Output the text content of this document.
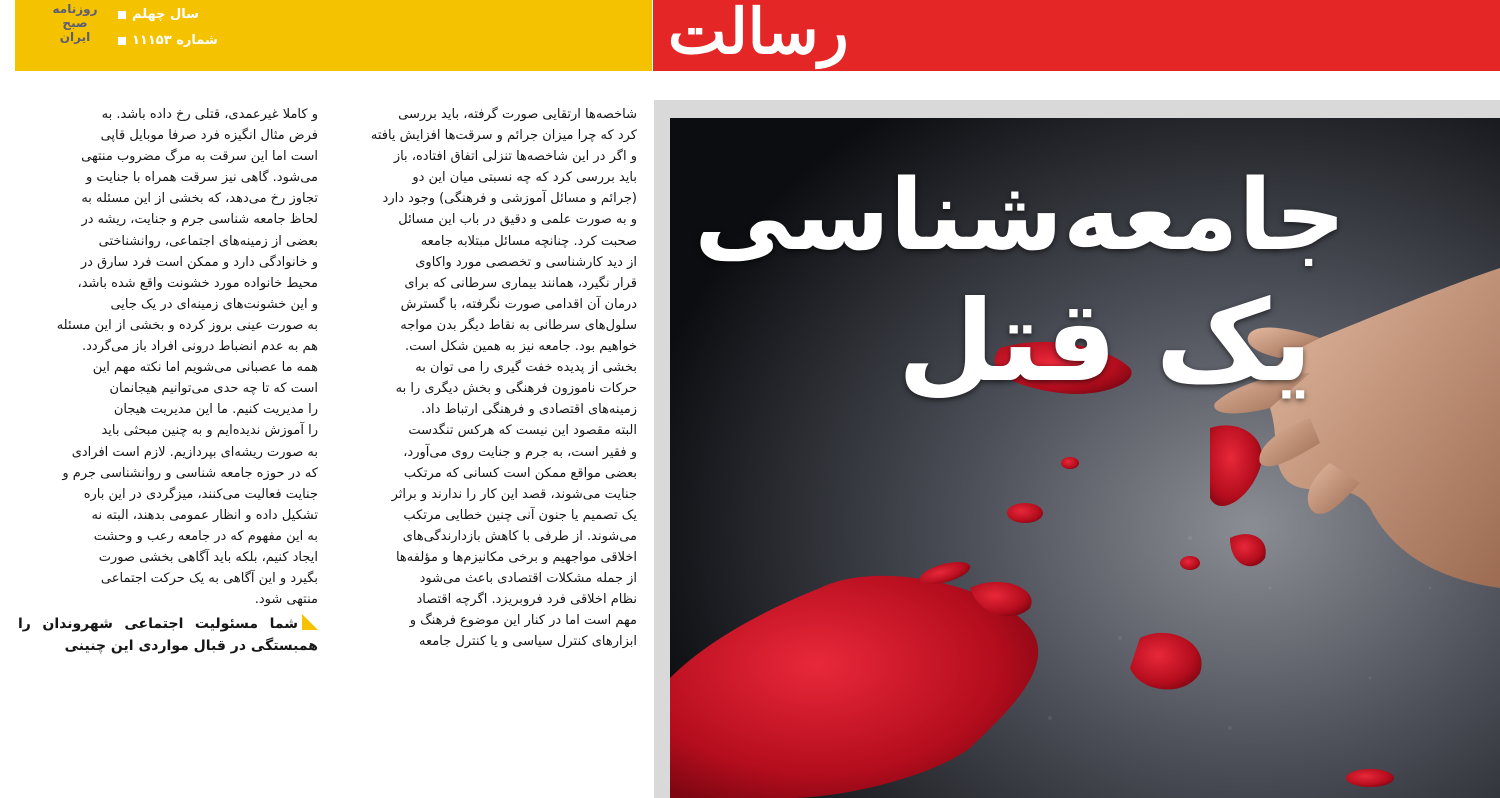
رسالت
روزنامه
صبح
ایران
سال چهلم
شماره ۱۱۱۵۳

شاخصه‌ها ارتقایی صورت گرفته، باید بررسی

کرد که چرا میزان جرائم و سرقت‌ها افزایش یافته

و اگر در این شاخصه‌ها تنزلی اتفاق افتاده، باز

باید بررسی کرد که چه نسبتی میان این دو

(جرائم و مسائل آموزشی و فرهنگی) وجود دارد

و به صورت علمی و دقیق در باب این مسائل

صحبت کرد. چنانچه مسائل مبتلابه جامعه

از دید کارشناسی و تخصصی مورد واکاوی

قرار نگیرد، همانند بیماری سرطانی که برای

درمان آن اقدامی صورت نگرفته، با گسترش

سلول‌های سرطانی به نقاط دیگر بدن مواجه

خواهیم بود. جامعه نیز به همین شکل است.

بخشی از پدیده خفت گیری را می توان به

حرکات ناموزون فرهنگی و بخش دیگری را به

زمینه‌های اقتصادی و فرهنگی ارتباط داد.

البته مقصود این نیست که هرکس تنگدست

و فقیر است، به جرم و جنایت روی می‌آورد،

بعضی مواقع ممکن است کسانی که مرتکب

جنایت می‌شوند، قصد این کار را ندارند و براثر

یک تصمیم یا جنون آنی چنین خطایی مرتکب

می‌شوند. از طرفی با کاهش بازدارندگی‌های

اخلاقی مواجهیم و برخی مکانیزم‌ها و مؤلفه‌ها

از جمله مشکلات اقتصادی باعث می‌شود

نظام اخلاقی فرد فروبریزد. اگرچه اقتصاد

مهم است اما در کنار این موضوع فرهنگ و

ابزارهای کنترل سیاسی و یا کنترل جامعه

و کاملا غیرعمدی، قتلی رخ داده باشد. به

فرض مثال انگیزه فرد صرفا موبایل قاپی

است اما این سرقت به مرگ مضروب منتهی

می‌شود. گاهی نیز سرقت همراه با جنایت و

تجاوز رخ می‌دهد، که بخشی از این مسئله به

لحاظ جامعه شناسی جرم و جنایت، ریشه در

بعضی از زمینه‌های اجتماعی، روانشناختی

و خانوادگی دارد و ممکن است فرد سارق در

محیط خانواده مورد خشونت واقع شده باشد،

و این خشونت‌های زمینه‌ای در یک جایی

به صورت عینی بروز کرده و بخشی از این مسئله

هم به عدم انضباط درونی افراد باز می‌گردد.

همه ما عصبانی می‌شویم اما نکته مهم این

است که تا چه حدی می‌توانیم هیجانمان

را مدیریت کنیم. ما این مدیریت هیجان

را آموزش ندیده‌ایم و به چنین مبحثی باید

به صورت ریشه‌ای بپردازیم. لازم است افرادی

که در حوزه جامعه شناسی و روانشناسی جرم و

جنایت فعالیت می‌کنند، میزگردی در این باره

تشکیل داده و انظار عمومی بدهند، البته نه

به این مفهوم که در جامعه رعب و وحشت

ایجاد کنیم، بلکه باید آگاهی بخشی صورت

بگیرد و این آگاهی به یک حرکت اجتماعی

منتهی شود.

شما مسئولیت اجتماعی شهروندان را همبستگی در قبال مواردی این چنینی

جامعه‌شناسی
یک قتل
